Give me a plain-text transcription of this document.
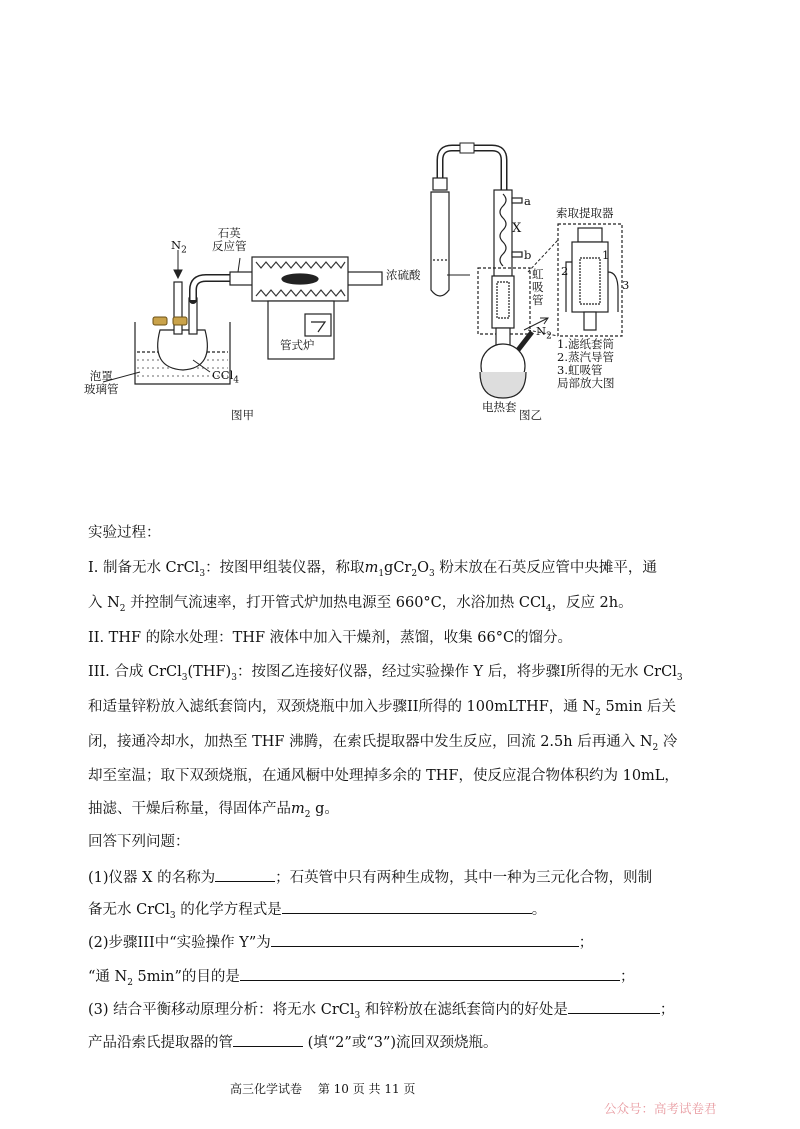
$N_2$
石英
反应管
泡罩
玻璃管
CCl$_4$
管式炉
图甲
浓硫酸
a
X
b
虹
吸
管
$N_2$
电热套
图乙
索取提取器
1
2
3
1.滤纸套筒
2.蒸汽导管
3.虹吸管
局部放大图
实验过程：
I. 制备无水 CrCl$_3$：按图甲组装仪器，称取$m_1gCr_2O_3$ 粉末放在石英反应管中央摊平，通
入 $N_2$ 并控制气流速率，打开管式炉加热电源至 660°C，水浴加热 CCl$_4$，反应 2h。
II. THF 的除水处理：THF 液体中加入干燥剂，蒸馏，收集 66°C的馏分。
III. 合成 $CrCl_3(THF)_3$：按图乙连接好仪器，经过实验操作 Y 后，将步骤I所得的无水 CrCl$_3$
和适量锌粉放入滤纸套筒内，双颈烧瓶中加入步骤II所得的 100mLTHF，通 $N_2$ 5min 后关
闭，接通冷却水，加热至 THF 沸腾，在索氏提取器中发生反应，回流 2.5h 后再通入 $N_2$ 冷
却至室温；取下双颈烧瓶，在通风橱中处理掉多余的 THF，使反应混合物体积约为 10mL，
抽滤、干燥后称量，得固体产品$m_2$ g。
回答下列问题：
(1)仪器 X 的名称为	；石英管中只有两种生成物，其中一种为三元化合物，则制
备无水 CrCl$_3$ 的化学方程式是	。
(2)步骤III中“实验操作 Y”为	；
“通 $N_2$ 5min”的目的是	；
(3) 结合平衡移动原理分析：将无水 CrCl$_3$ 和锌粉放在滤纸套筒内的好处是	；
产品沿索氏提取器的管	(填“2”或“3”)流回双颈烧瓶。
高三化学试卷　 第 10 页 共 11 页
公众号：高考试卷君
